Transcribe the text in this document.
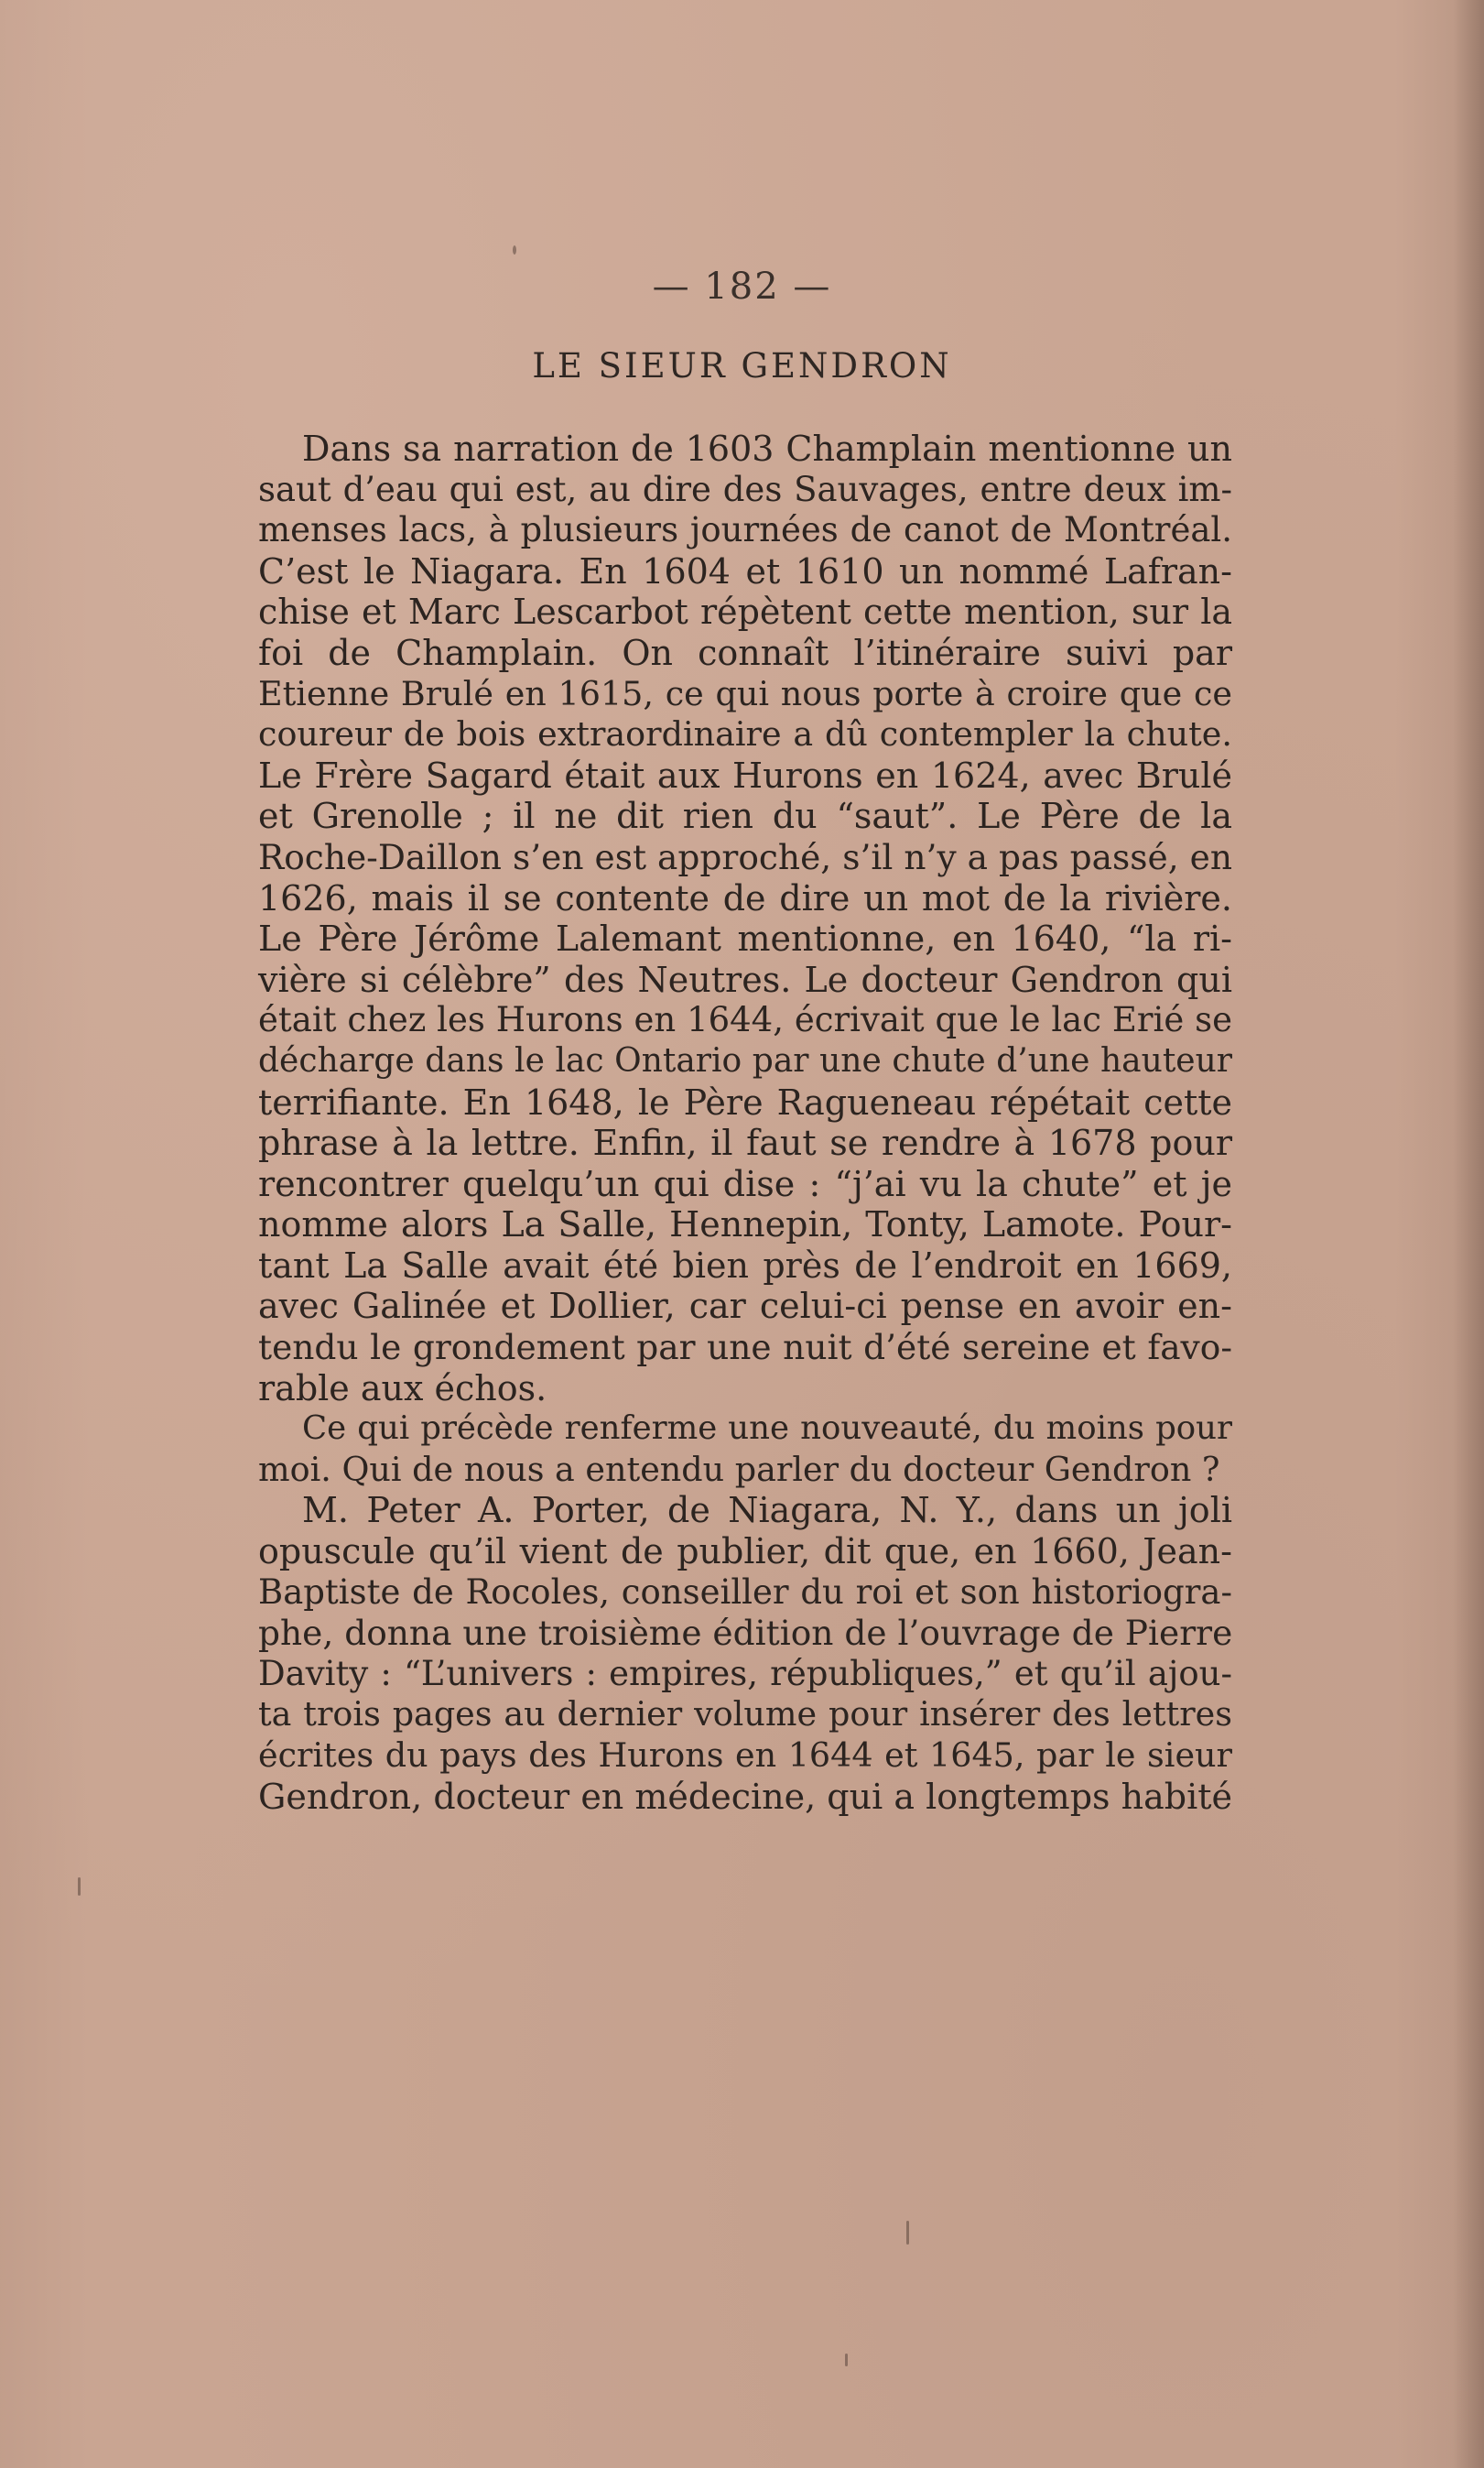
— 182 —
LE SIEUR GENDRON
Dans sa narration de 1603 Champlain mentionne un
saut d’eau qui est, au dire des Sauvages, entre deux im-
menses lacs, à plusieurs journées de canot de Montréal.
C’est le Niagara. En 1604 et 1610 un nommé Lafran-
chise et Marc Lescarbot répètent cette mention, sur la
foi de Champlain. On connaît l’itinéraire suivi par
Etienne Brulé en 1615, ce qui nous porte à croire que ce
coureur de bois extraordinaire a dû contempler la chute.
Le Frère Sagard était aux Hurons en 1624, avec Brulé
et Grenolle ; il ne dit rien du “saut”. Le Père de la
Roche-Daillon s’en est approché, s’il n’y a pas passé, en
1626, mais il se contente de dire un mot de la rivière.
Le Père Jérôme Lalemant mentionne, en 1640, “la ri-
vière si célèbre” des Neutres. Le docteur Gendron qui
était chez les Hurons en 1644, écrivait que le lac Erié se
décharge dans le lac Ontario par une chute d’une hauteur
terrifiante. En 1648, le Père Ragueneau répétait cette
phrase à la lettre. Enfin, il faut se rendre à 1678 pour
rencontrer quelqu’un qui dise : “j’ai vu la chute” et je
nomme alors La Salle, Hennepin, Tonty, Lamote. Pour-
tant La Salle avait été bien près de l’endroit en 1669,
avec Galinée et Dollier, car celui-ci pense en avoir en-
tendu le grondement par une nuit d’été sereine et favo-
rable aux échos.
Ce qui précède renferme une nouveauté, du moins pour
moi. Qui de nous a entendu parler du docteur Gendron ?
M. Peter A. Porter, de Niagara, N. Y., dans un joli
opuscule qu’il vient de publier, dit que, en 1660, Jean-
Baptiste de Rocoles, conseiller du roi et son historiogra-
phe, donna une troisième édition de l’ouvrage de Pierre
Davity : “L’univers : empires, républiques,” et qu’il ajou-
ta trois pages au dernier volume pour insérer des lettres
écrites du pays des Hurons en 1644 et 1645, par le sieur
Gendron, docteur en médecine, qui a longtemps habité
